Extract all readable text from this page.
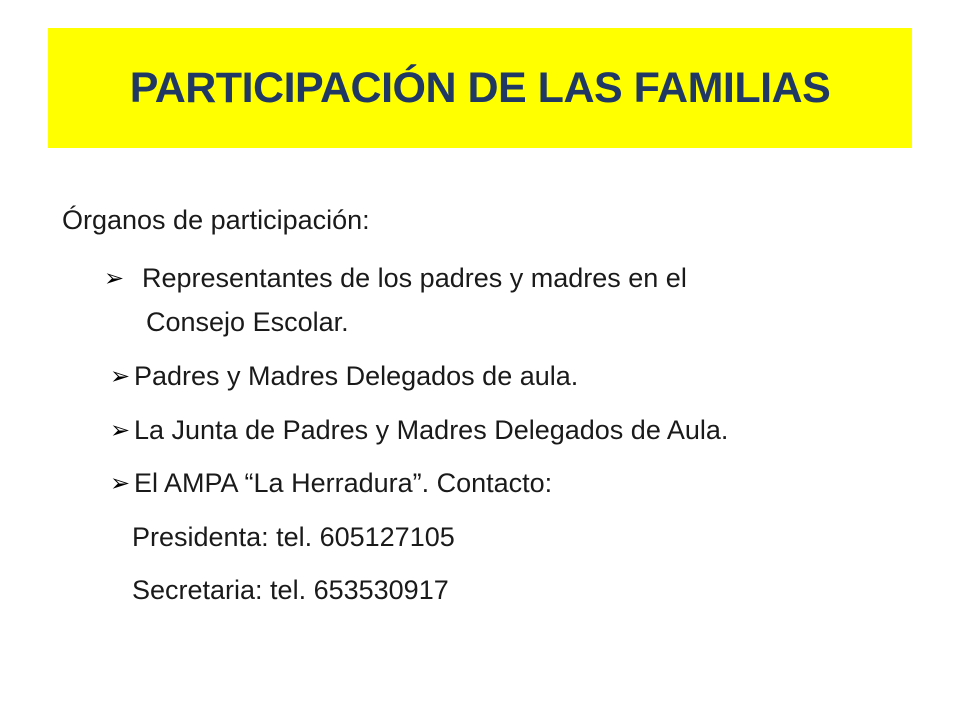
PARTICIPACIÓN DE LAS FAMILIAS
Órganos de participación:
➢ Representantes de los padres y madres en el
Consejo Escolar.
➢ Padres y Madres Delegados de aula.
➢ La Junta de Padres y Madres Delegados de Aula.
➢ El AMPA “La Herradura”. Contacto:
Presidenta: tel. 605127105
Secretaria: tel. 653530917
